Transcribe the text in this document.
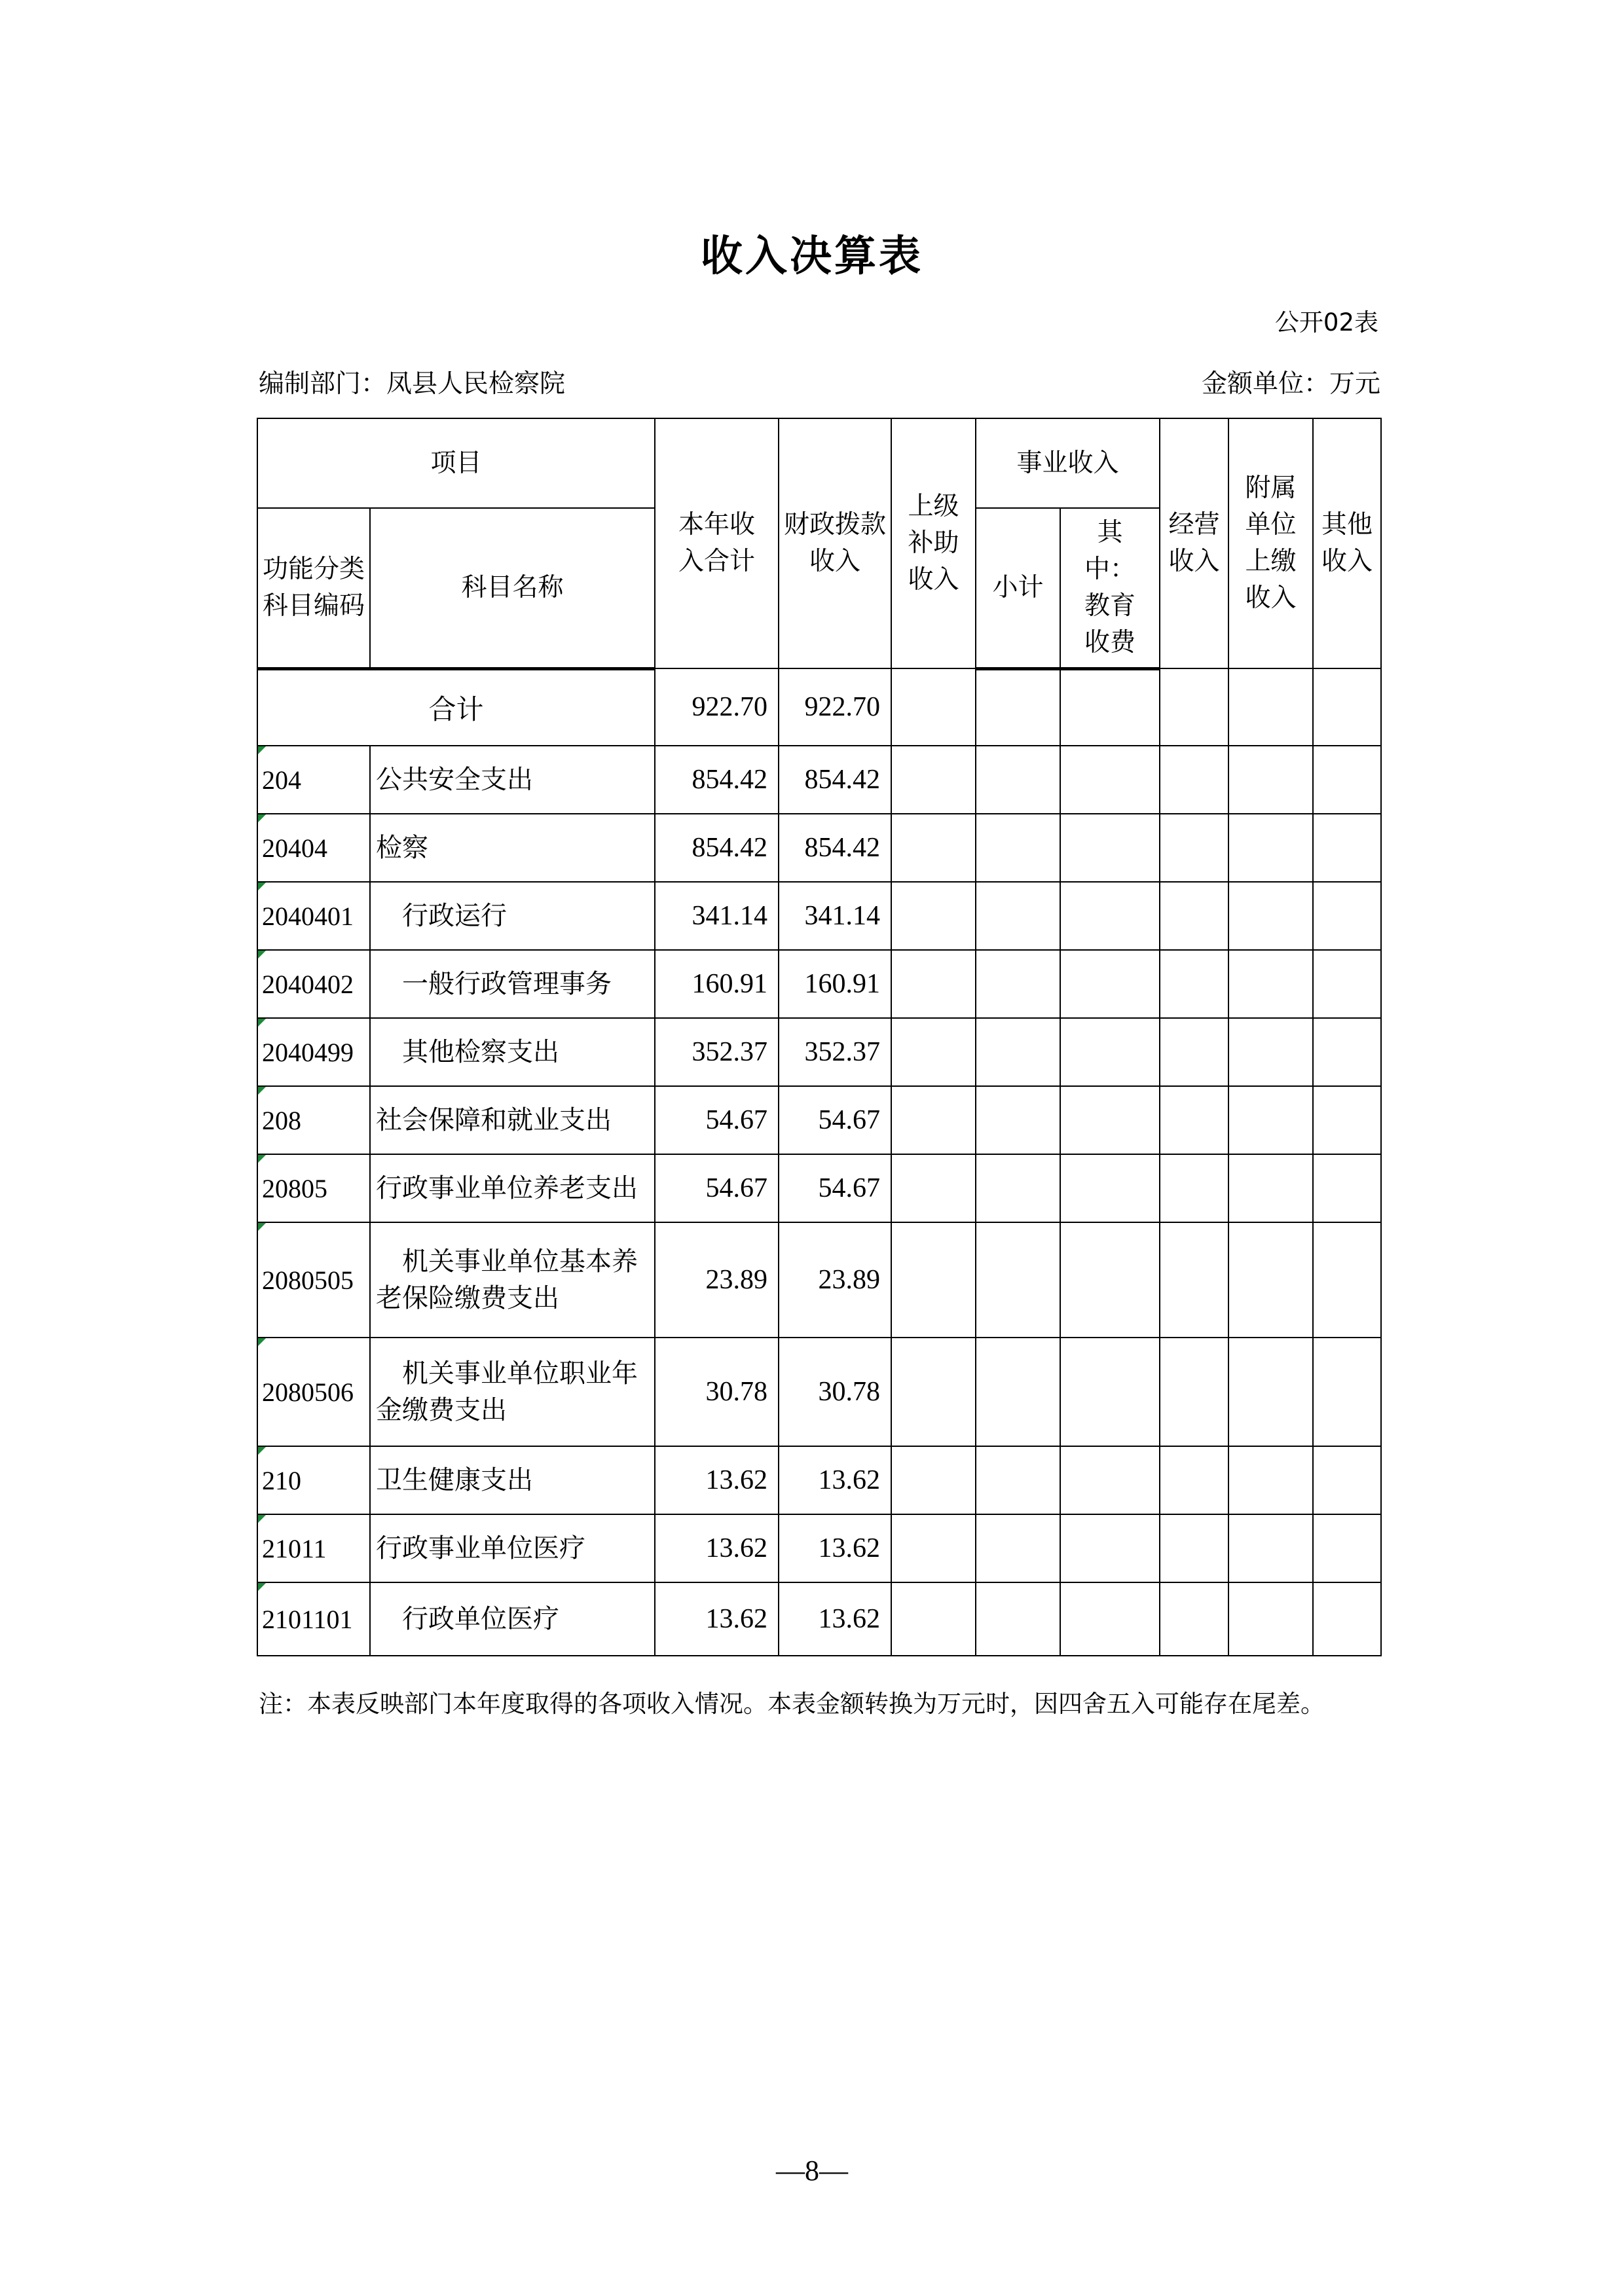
收入决算表
公开02表
编制部门 ： 凤县人民检察院	金额单位 ： 万元
项目		本年收入合计	财政拨款收入	上级补助收入	事业收入		经营收入	附属单位上缴收入	其他收入

功能分类科目编码	科目名称				小计	其中：教育收费			

合计		922.70	922.70						
204	公共安全支出	854.42	854.42						
20404	检察	854.42	854.42						
2040401	行政运行	341.14	341.14						
2040402	一般行政管理事务	160.91	160.91						
2040499	其他检察支出	352.37	352.37						
208	社会保障和就业支出	54.67	54.67						
20805	行政事业单位养老支出	54.67	54.67						
2080505	机关事业单位基本养老保险缴费支出	23.89	23.89						
2080506	机关事业单位职业年金缴费支出	30.78	30.78						
210	卫生健康支出	13.62	13.62						
21011	行政事业单位医疗	13.62	13.62						
2101101	行政单位医疗	13.62	13.62						
注：本表反映部门本年度取得的各项收入情况。本表金额转换为万元时，因四舍五入可能存在尾差。
—8—
